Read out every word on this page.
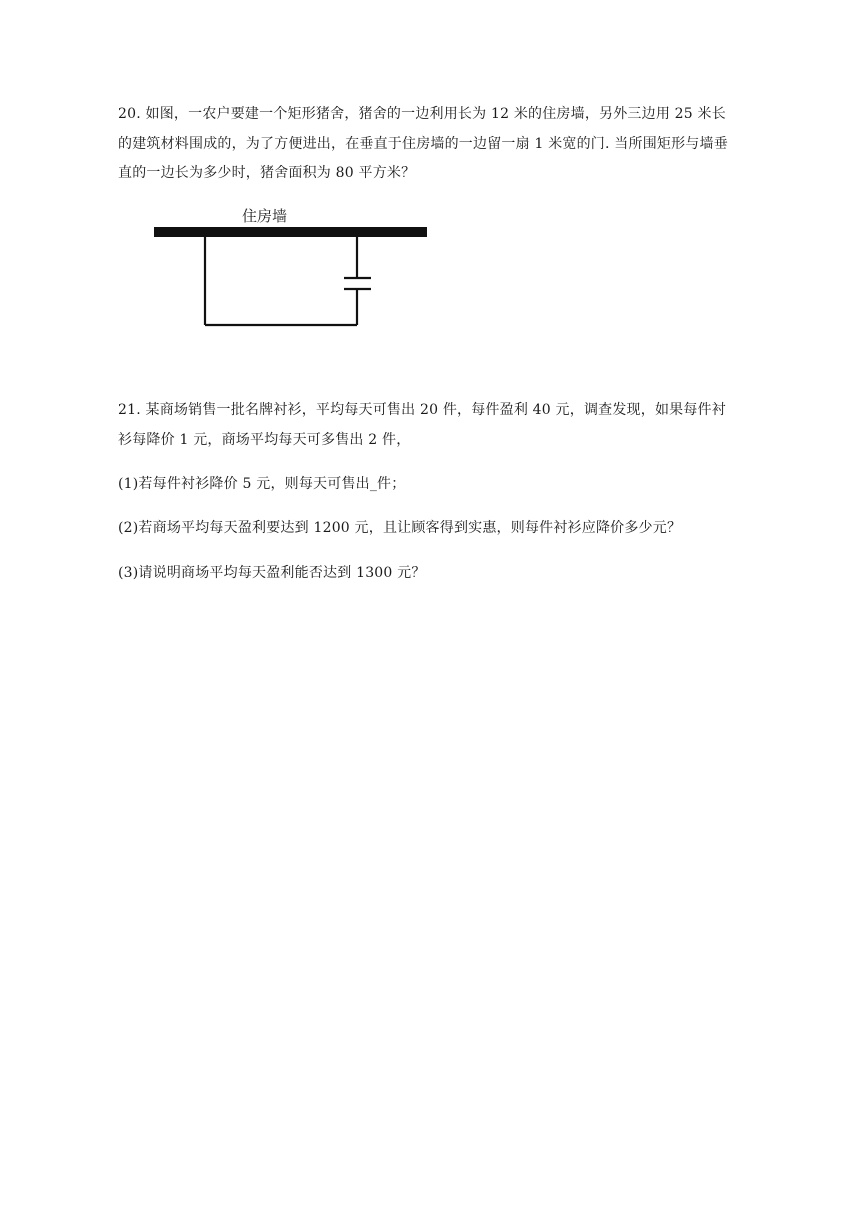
20. 如图，一农户要建一个矩形猪舍，猪舍的一边利用长为 12 米的住房墙，另外三边用 25 米长的建筑材料围成的，为了方便进出，在垂直于住房墙的一边留一扇 1 米宽的门. 当所围矩形与墙垂直的一边长为多少时，猪舍面积为 80 平方米？

住房墙

21. 某商场销售一批名牌衬衫，平均每天可售出 20 件，每件盈利 40 元，调查发现，如果每件衬衫每降价 1 元，商场平均每天可多售出 2 件，

(1)若每件衬衫降价 5 元，则每天可售出_件；

(2)若商场平均每天盈利要达到 1200 元，且让顾客得到实惠，则每件衬衫应降价多少元？

(3)请说明商场平均每天盈利能否达到 1300 元？
